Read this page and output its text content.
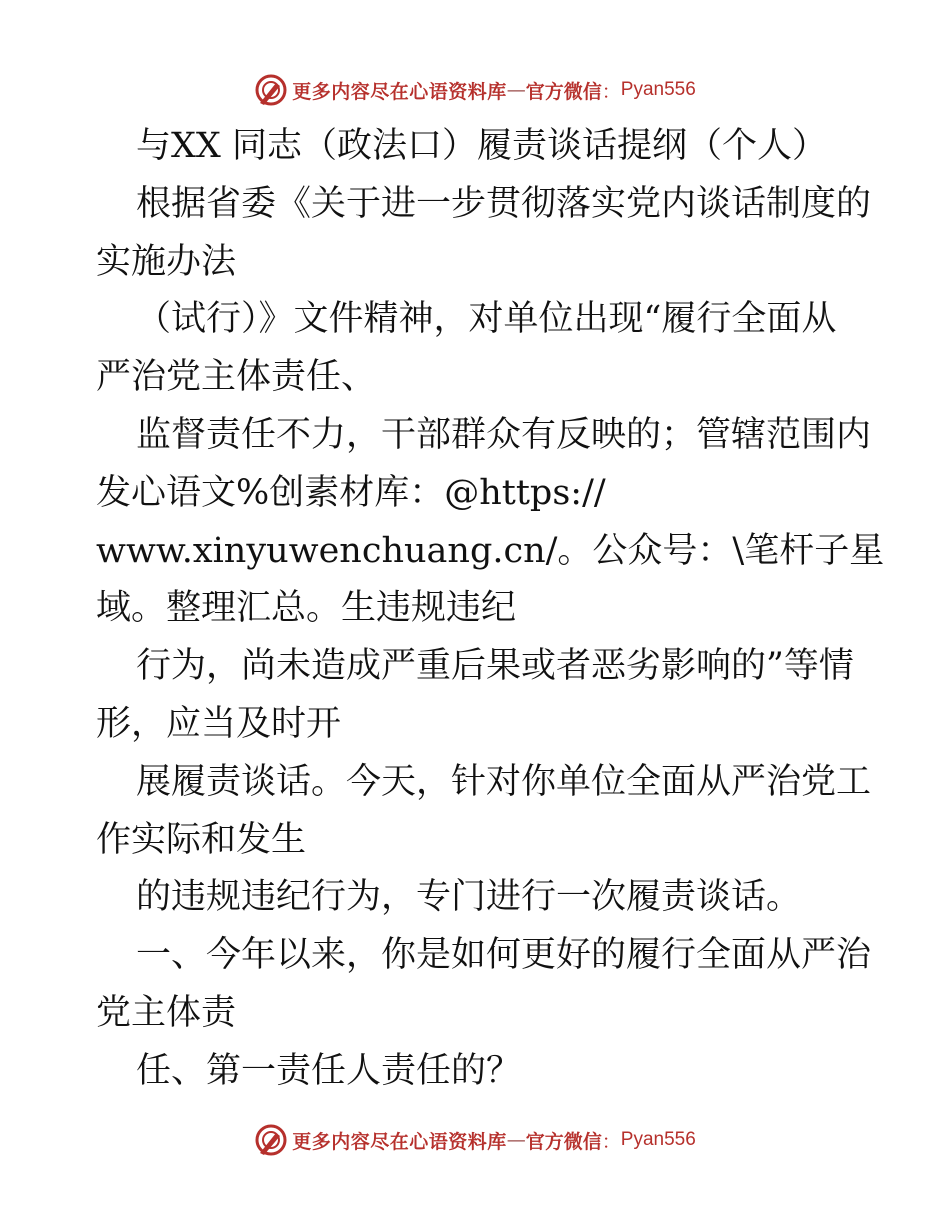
更多内容尽在心语资料库 — 官方微信 ： Pyan556
与XX 同志（政法口）履责谈话提纲（个人）
根据省委《关于进一步贯彻落实党内谈话制度的
实施办法
（试行）》文件精神，对单位出现“履行全面从
严治党主体责任、
监督责任不力，干部群众有反映的；管辖范围内
发心语文%创素材库：@https://
www.xinyuwenchuang.cn/。公众号：\笔杆子星
域。整理汇总。生违规违纪
行为，尚未造成严重后果或者恶劣影响的”等情
形，应当及时开
展履责谈话。今天，针对你单位全面从严治党工
作实际和发生
的违规违纪行为，专门进行一次履责谈话。
一、今年以来，你是如何更好的履行全面从严治
党主体责
任、第一责任人责任的？
更多内容尽在心语资料库 — 官方微信 ： Pyan556
